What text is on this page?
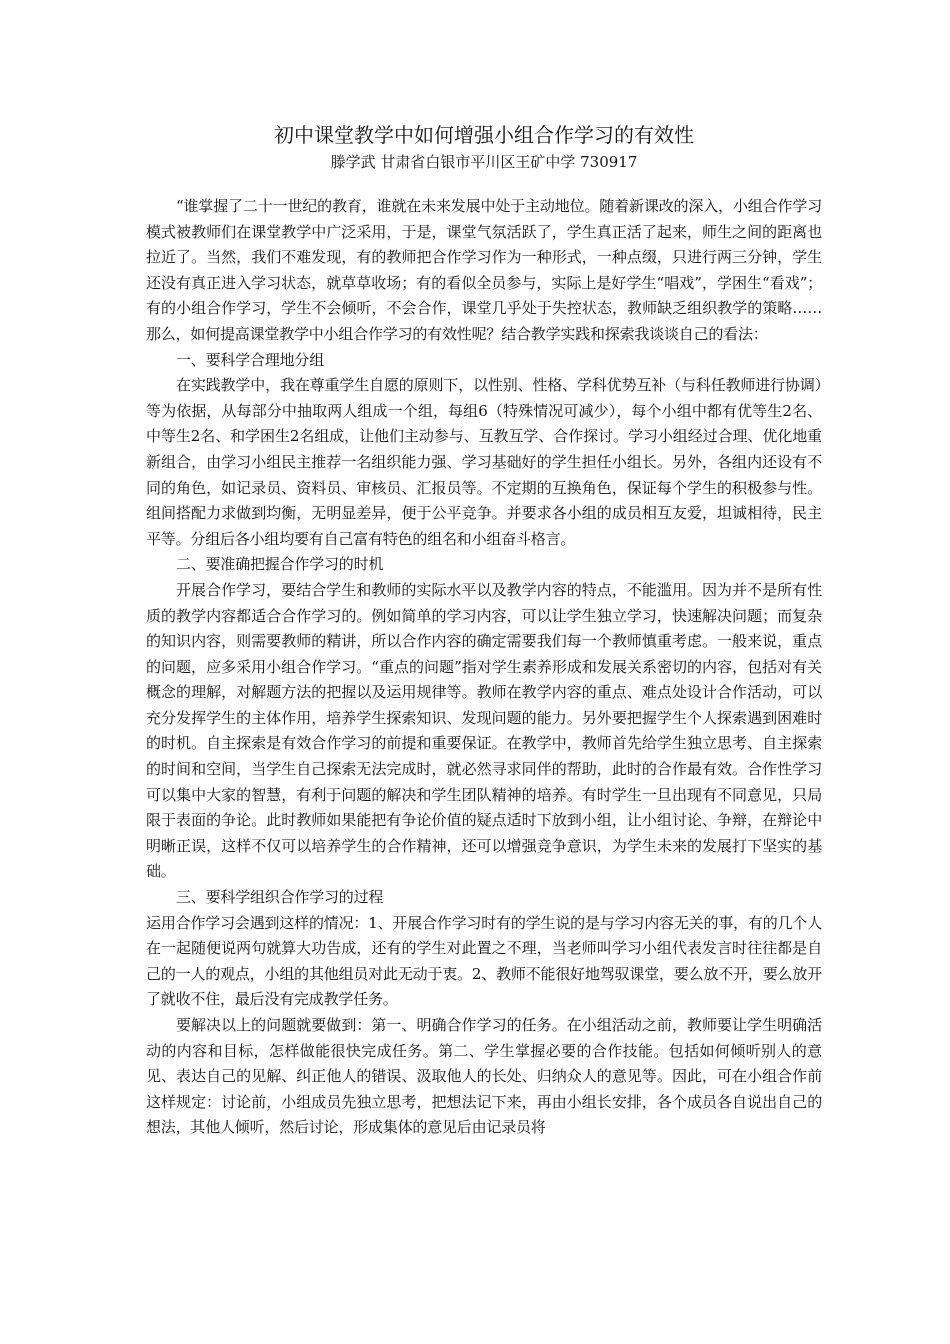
初中课堂教学中如何增强小组合作学习的有效性
滕学武 甘肃省白银市平川区王矿中学 730917

“谁掌握了二十一世纪的教育，谁就在未来发展中处于主动地位。随着新课改的深入，小组合作学习模式被教师们在课堂教学中广泛采用，于是，课堂气氛活跃了，学生真正活了起来，师生之间的距离也拉近了。当然，我们不难发现，有的教师把合作学习作为一种形式，一种点缀，只进行两三分钟，学生还没有真正进入学习状态，就草草收场；有的看似全员参与，实际上是好学生“唱戏”，学困生“看戏”；有的小组合作学习，学生不会倾听，不会合作，课堂几乎处于失控状态，教师缺乏组织教学的策略……那么，如何提高课堂教学中小组合作学习的有效性呢？结合教学实践和探索我谈谈自己的看法：

一、要科学合理地分组

在实践教学中，我在尊重学生自愿的原则下，以性别、性格、学科优势互补（与科任教师进行协调）等为依据，从每部分中抽取两人组成一个组，每组6（特殊情况可减少），每个小组中都有优等生2名、中等生2名、和学困生2名组成，让他们主动参与、互教互学、合作探讨。学习小组经过合理、优化地重新组合，由学习小组民主推荐一名组织能力强、学习基础好的学生担任小组长。另外，各组内还设有不同的角色，如记录员、资料员、审核员、汇报员等。不定期的互换角色，保证每个学生的积极参与性。组间搭配力求做到均衡，无明显差异，便于公平竞争。并要求各小组的成员相互友爱，坦诚相待，民主平等。分组后各小组均要有自己富有特色的组名和小组奋斗格言。

二、要准确把握合作学习的时机

开展合作学习，要结合学生和教师的实际水平以及教学内容的特点，不能滥用。因为并不是所有性质的教学内容都适合合作学习的。例如简单的学习内容，可以让学生独立学习，快速解决问题；而复杂的知识内容，则需要教师的精讲，所以合作内容的确定需要我们每一个教师慎重考虑。一般来说，重点的问题，应多采用小组合作学习。“重点的问题”指对学生素养形成和发展关系密切的内容，包括对有关概念的理解，对解题方法的把握以及运用规律等。教师在教学内容的重点、难点处设计合作活动，可以充分发挥学生的主体作用，培养学生探索知识、发现问题的能力。另外要把握学生个人探索遇到困难时的时机。自主探索是有效合作学习的前提和重要保证。在教学中，教师首先给学生独立思考、自主探索的时间和空间，当学生自己探索无法完成时，就必然寻求同伴的帮助，此时的合作最有效。合作性学习可以集中大家的智慧，有利于问题的解决和学生团队精神的培养。有时学生一旦出现有不同意见，只局限于表面的争论。此时教师如果能把有争论价值的疑点适时下放到小组，让小组讨论、争辩，在辩论中明晰正误，这样不仅可以培养学生的合作精神，还可以增强竞争意识，为学生未来的发展打下坚实的基础。

三、要科学组织合作学习的过程

运用合作学习会遇到这样的情况：1、开展合作学习时有的学生说的是与学习内容无关的事，有的几个人在一起随便说两句就算大功告成，还有的学生对此置之不理，当老师叫学习小组代表发言时往往都是自己的一人的观点，小组的其他组员对此无动于衷。2、教师不能很好地驾驭课堂，要么放不开，要么放开了就收不住，最后没有完成教学任务。

要解决以上的问题就要做到：第一、明确合作学习的任务。在小组活动之前，教师要让学生明确活动的内容和目标，怎样做能很快完成任务。第二、学生掌握必要的合作技能。包括如何倾听别人的意见、表达自己的见解、纠正他人的错误、汲取他人的长处、归纳众人的意见等。因此，可在小组合作前这样规定：讨论前，小组成员先独立思考，把想法记下来，再由小组长安排，各个成员各自说出自己的想法，其他人倾听，然后讨论，形成集体的意见后由记录员将
